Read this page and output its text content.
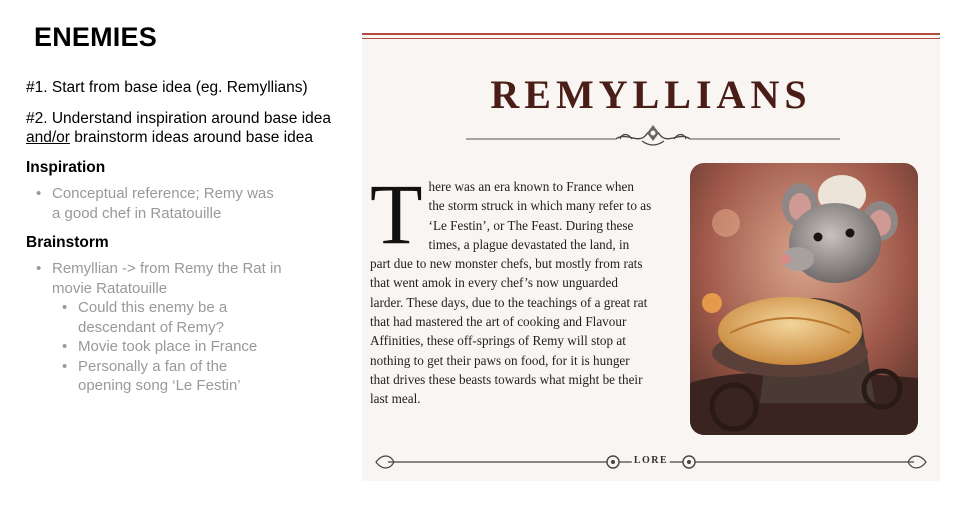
ENEMIES

#1. Start from base idea (eg. Remyllians)

#2. Understand inspiration around base idea and/or brainstorm ideas around base idea

Inspiration

• Conceptual reference; Remy was a good chef in Ratatouille

Brainstorm

• Remyllian -> from Remy the Rat in movie Ratatouille
• Could this enemy be a descendant of Remy?
• Movie took place in France
• Personally a fan of the opening song ‘Le Festin’
REMYLLIANS
There was an era known to France when the storm struck in which many refer to as ‘Le Festin’, or The Feast. During these times, a plague devastated the land, in part due to new monster chefs, but mostly from rats that went amok in every chef’s now unguarded larder. These days, due to the teachings of a great rat that had mastered the art of cooking and Flavour Affinities, these off-springs of Remy will stop at nothing to get their paws on food, for it is hunger that drives these beasts towards what might be their last meal.
LORE
